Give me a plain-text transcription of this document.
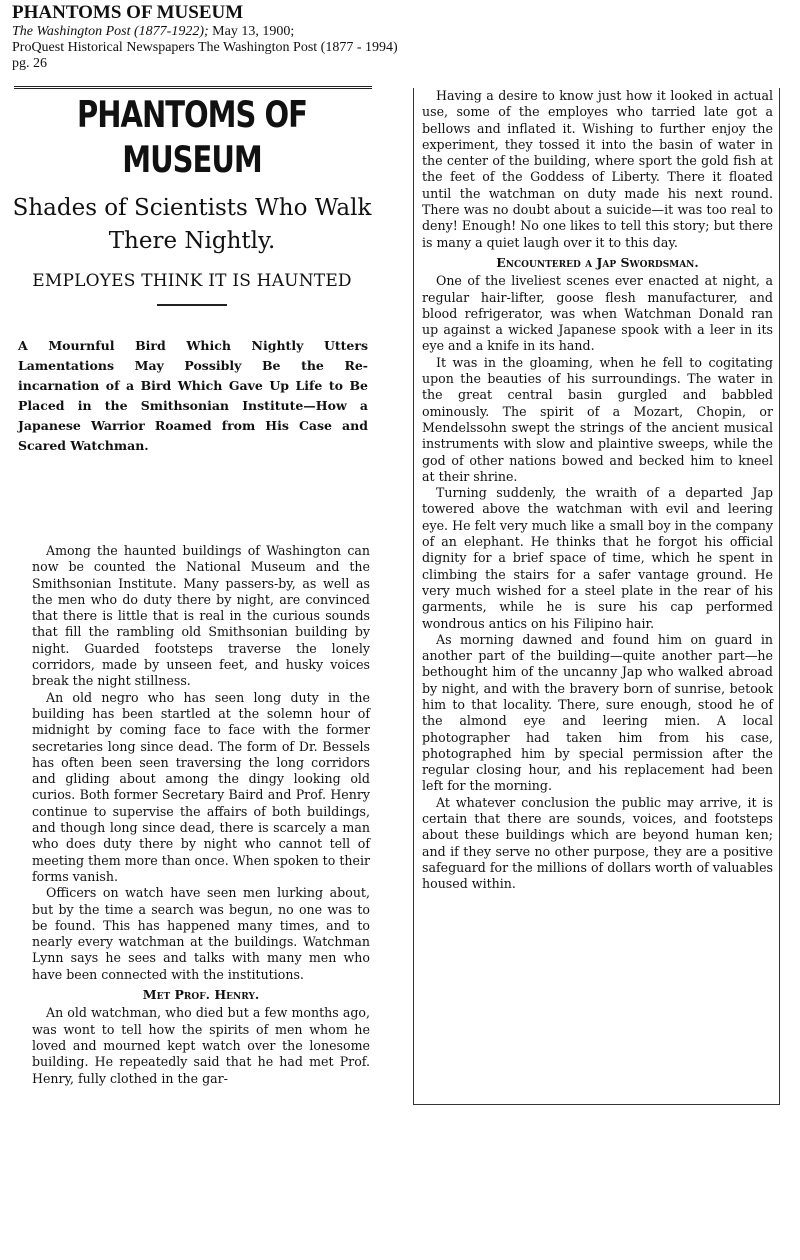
PHANTOMS OF MUSEUM
The Washington Post (1877-1922); May 13, 1900;
ProQuest Historical Newspapers The Washington Post (1877 - 1994)
pg. 26
PHANTOMS OF MUSEUM
Shades of Scientists Who Walk There Nightly.
EMPLOYES THINK IT IS HAUNTED
A Mournful Bird Which Nightly Utters Lamentations May Possibly Be the Re-incarnation of a Bird Which Gave Up Life to Be Placed in the Smithsonian Institute—How a Japanese Warrior Roamed from His Case and Scared Watchman.

Among the haunted buildings of Washington can now be counted the National Museum and the Smithsonian Institute. Many passers-by, as well as the men who do duty there by night, are convinced that there is little that is real in the curious sounds that fill the rambling old Smithsonian building by night. Guarded footsteps traverse the lonely corridors, made by unseen feet, and husky voices break the night stillness.

An old negro who has seen long duty in the building has been startled at the solemn hour of midnight by coming face to face with the former secretaries long since dead. The form of Dr. Bessels has often been seen traversing the long corridors and gliding about among the dingy looking old curios. Both former Secretary Baird and Prof. Henry continue to supervise the affairs of both buildings, and though long since dead, there is scarcely a man who does duty there by night who cannot tell of meeting them more than once. When spoken to their forms vanish.

Officers on watch have seen men lurking about, but by the time a search was begun, no one was to be found. This has happened many times, and to nearly every watchman at the buildings. Watchman Lynn says he sees and talks with many men who have been connected with the institutions.

Met Prof. Henry.

An old watchman, who died but a few months ago, was wont to tell how the spirits of men whom he loved and mourned kept watch over the lonesome building. He repeatedly said that he had met Prof. Henry, fully clothed in the gar-

Having a desire to know just how it looked in actual use, some of the employes who tarried late got a bellows and inflated it. Wishing to further enjoy the experiment, they tossed it into the basin of water in the center of the building, where sport the gold fish at the feet of the Goddess of Liberty. There it floated until the watchman on duty made his next round. There was no doubt about a suicide—it was too real to deny! Enough! No one likes to tell this story; but there is many a quiet laugh over it to this day.

Encountered a Jap Swordsman.

One of the liveliest scenes ever enacted at night, a regular hair-lifter, goose flesh manufacturer, and blood refrigerator, was when Watchman Donald ran up against a wicked Japanese spook with a leer in its eye and a knife in its hand.

It was in the gloaming, when he fell to cogitating upon the beauties of his surroundings. The water in the great central basin gurgled and babbled ominously. The spirit of a Mozart, Chopin, or Mendelssohn swept the strings of the ancient musical instruments with slow and plaintive sweeps, while the god of other nations bowed and becked him to kneel at their shrine.

Turning suddenly, the wraith of a departed Jap towered above the watchman with evil and leering eye. He felt very much like a small boy in the company of an elephant. He thinks that he forgot his official dignity for a brief space of time, which he spent in climbing the stairs for a safer vantage ground. He very much wished for a steel plate in the rear of his garments, while he is sure his cap performed wondrous antics on his Filipino hair.

As morning dawned and found him on guard in another part of the building—quite another part—he bethought him of the uncanny Jap who walked abroad by night, and with the bravery born of sunrise, betook him to that locality. There, sure enough, stood he of the almond eye and leering mien. A local photographer had taken him from his case, photographed him by special permission after the regular closing hour, and his replacement had been left for the morning.

At whatever conclusion the public may arrive, it is certain that there are sounds, voices, and footsteps about these buildings which are beyond human ken; and if they serve no other purpose, they are a positive safeguard for the millions of dollars worth of valuables housed within.
